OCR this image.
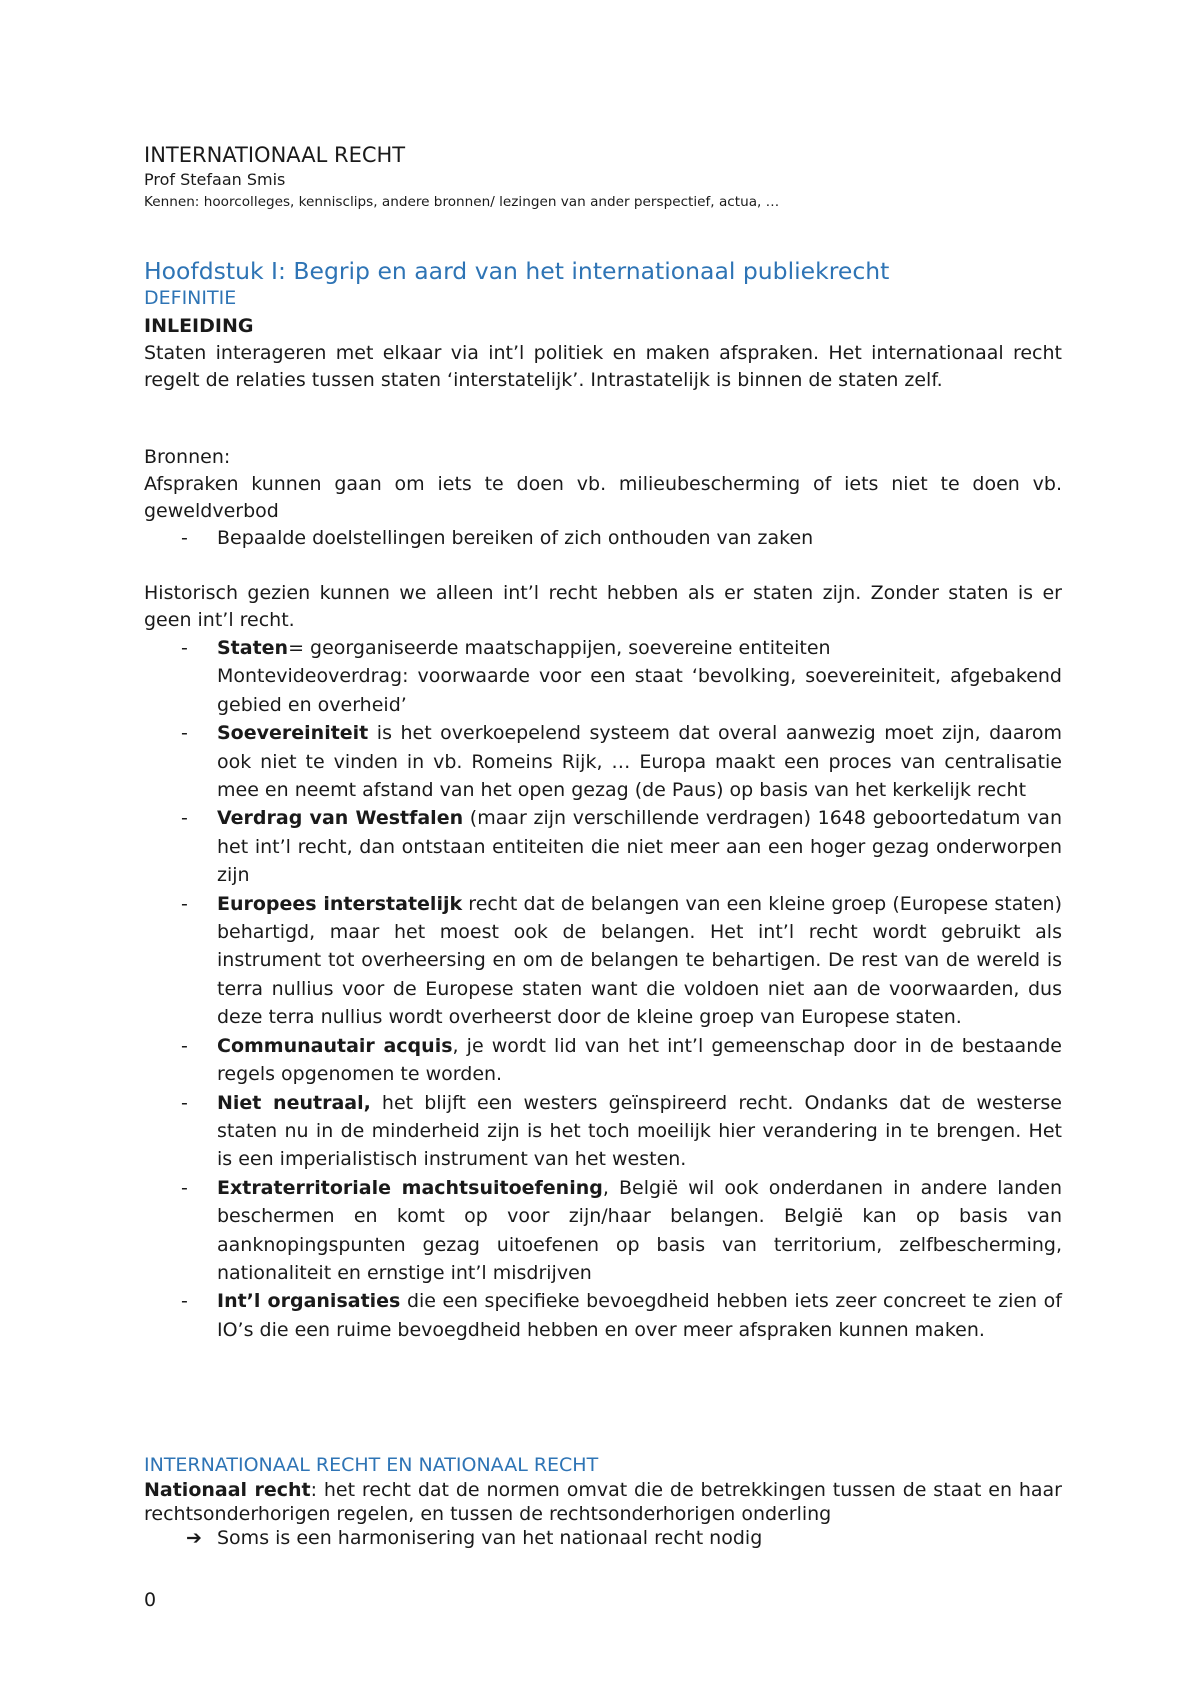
INTERNATIONAAL RECHT
Prof Stefaan Smis
Kennen: hoorcolleges, kennisclips, andere bronnen/ lezingen van ander perspectief, actua, …
Hoofdstuk I: Begrip en aard van het internationaal publiekrecht
DEFINITIE
INLEIDING

Staten interageren met elkaar via int’l politiek en maken afspraken. Het internationaal recht regelt de relaties tussen staten ‘interstatelijk’. Intrastatelijk is binnen de staten zelf.

Bronnen:

Afspraken kunnen gaan om iets te doen vb. milieubescherming of iets niet te doen vb. geweldverbod

- Bepaalde doelstellingen bereiken of zich onthouden van zaken

Historisch gezien kunnen we alleen int’l recht hebben als er staten zijn. Zonder staten is er geen int’l recht.

- Staten= georganiseerde maatschappijen, soevereine entiteiten
Montevideoverdrag: voorwaarde voor een staat ‘bevolking, soevereiniteit, afgebakend gebied en overheid’
- Soevereiniteit is het overkoepelend systeem dat overal aanwezig moet zijn, daarom ook niet te vinden in vb. Romeins Rijk, … Europa maakt een proces van centralisatie mee en neemt afstand van het open gezag (de Paus) op basis van het kerkelijk recht
- Verdrag van Westfalen (maar zijn verschillende verdragen) 1648 geboortedatum van het int’l recht, dan ontstaan entiteiten die niet meer aan een hoger gezag onderworpen zijn
- Europees interstatelijk recht dat de belangen van een kleine groep (Europese staten) behartigd, maar het moest ook de belangen. Het int’l recht wordt gebruikt als instrument tot overheersing en om de belangen te behartigen. De rest van de wereld is terra nullius voor de Europese staten want die voldoen niet aan de voorwaarden, dus deze terra nullius wordt overheerst door de kleine groep van Europese staten.
- Communautair acquis, je wordt lid van het int’l gemeenschap door in de bestaande regels opgenomen te worden.
- Niet neutraal, het blijft een westers geïnspireerd recht. Ondanks dat de westerse staten nu in de minderheid zijn is het toch moeilijk hier verandering in te brengen. Het is een imperialistisch instrument van het westen.
- Extraterritoriale machtsuitoefening, België wil ook onderdanen in andere landen beschermen en komt op voor zijn/haar belangen. België kan op basis van aanknopingspunten gezag uitoefenen op basis van territorium, zelfbescherming, nationaliteit en ernstige int’l misdrijven
- Int’l organisaties die een specifieke bevoegdheid hebben iets zeer concreet te zien of IO’s die een ruime bevoegdheid hebben en over meer afspraken kunnen maken.
INTERNATIONAAL RECHT EN NATIONAAL RECHT

Nationaal recht: het recht dat de normen omvat die de betrekkingen tussen de staat en haar rechtsonderhorigen regelen, en tussen de rechtsonderhorigen onderling

➔ Soms is een harmonisering van het nationaal recht nodig
0
